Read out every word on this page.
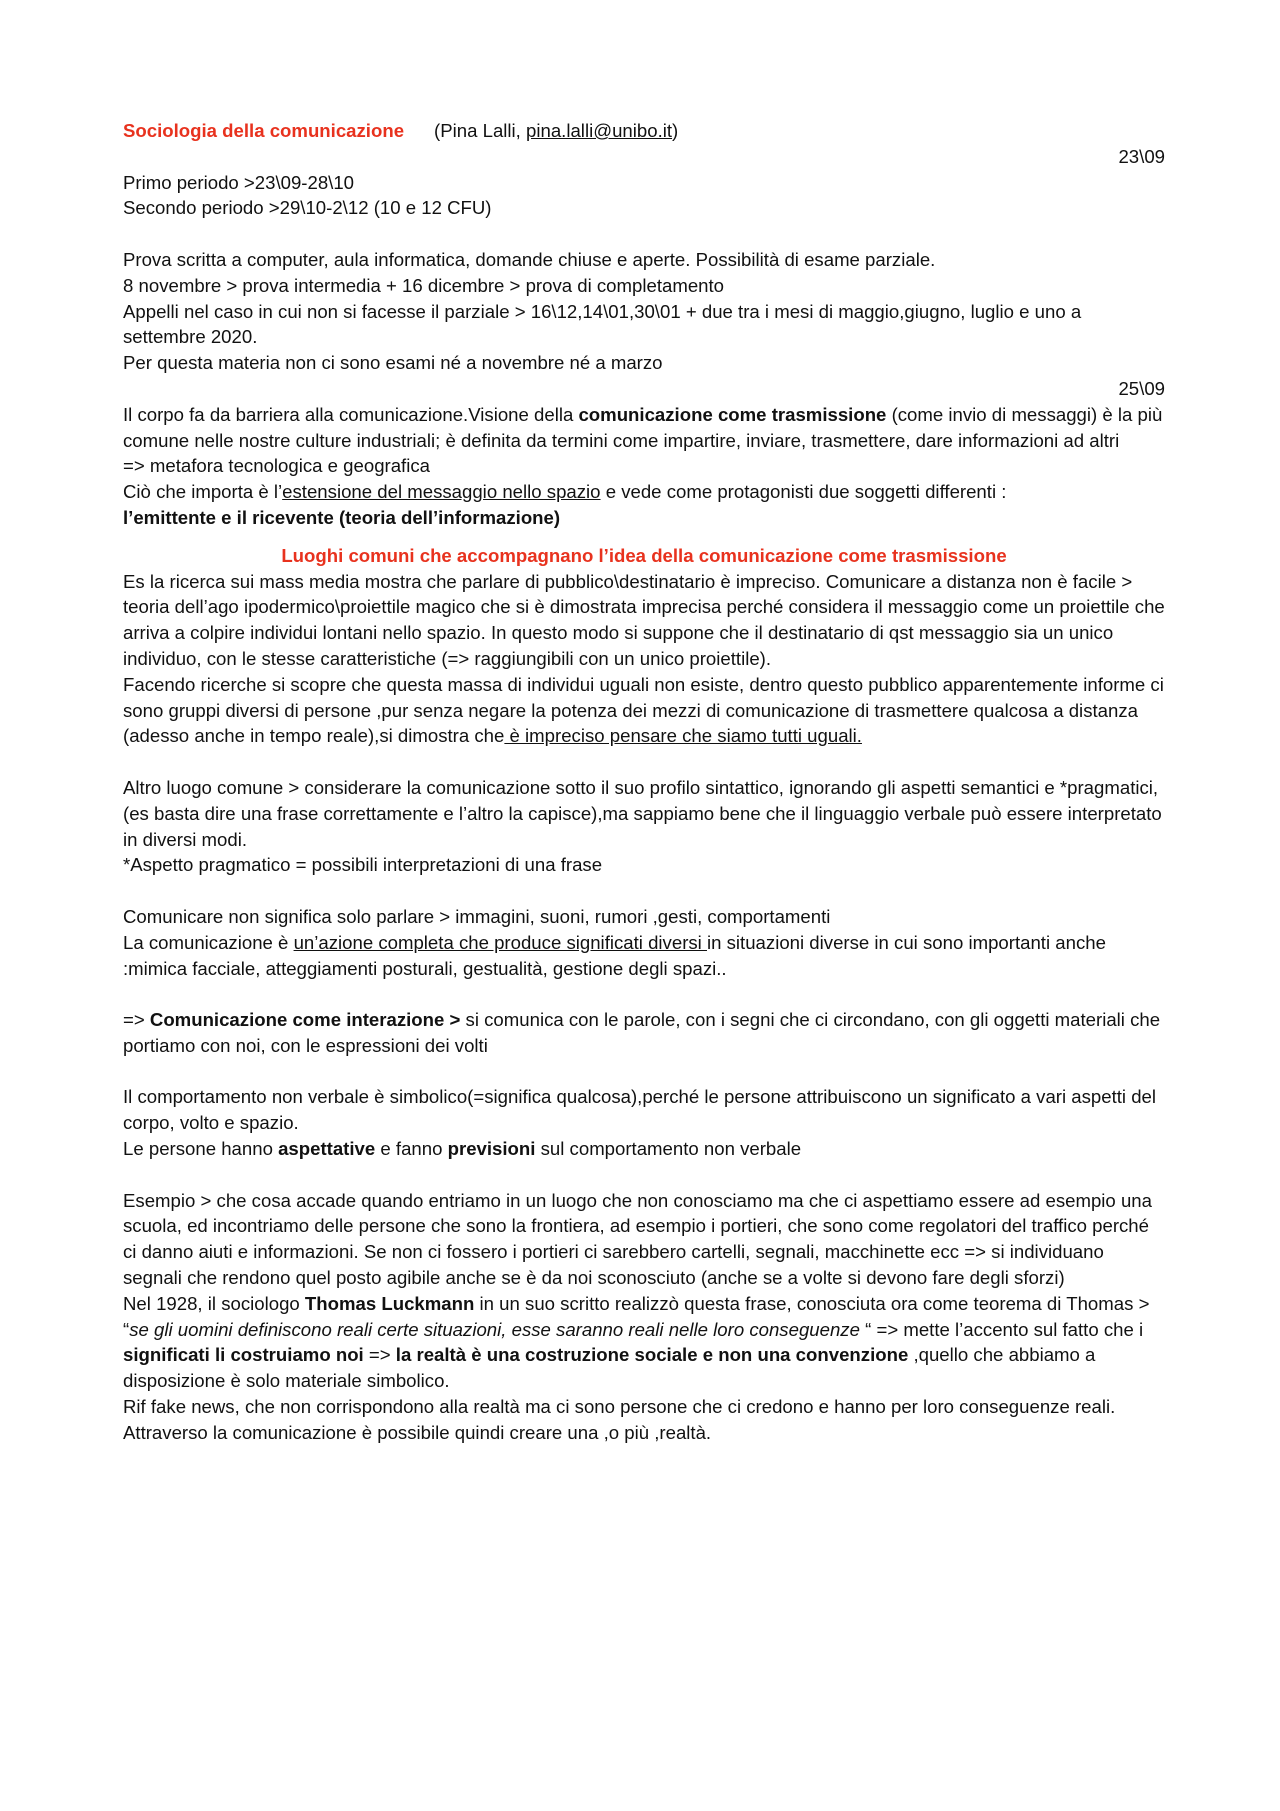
Sociologia della comunicazione (Pina Lalli, pina.lalli@unibo.it)

23\09

Primo periodo >23\09-28\10

Secondo periodo >29\10-2\12 (10 e 12 CFU)

Prova scritta a computer, aula informatica, domande chiuse e aperte. Possibilità di esame parziale.

8 novembre > prova intermedia + 16 dicembre > prova di completamento

Appelli nel caso in cui non si facesse il parziale > 16\12,14\01,30\01 + due tra i mesi di maggio,giugno, luglio e uno a settembre 2020.

Per questa materia non ci sono esami né a novembre né a marzo

25\09

Il corpo fa da barriera alla comunicazione.Visione della comunicazione come trasmissione (come invio di messaggi) è la più comune nelle nostre culture industriali; è definita da termini come impartire, inviare, trasmettere, dare informazioni ad altri

=> metafora tecnologica e geografica

Ciò che importa è l’estensione del messaggio nello spazio e vede come protagonisti due soggetti differenti :

l’emittente e il ricevente (teoria dell’informazione)

Luoghi comuni che accompagnano l’idea della comunicazione come trasmissione

Es la ricerca sui mass media mostra che parlare di pubblico\destinatario è impreciso. Comunicare a distanza non è facile > teoria dell’ago ipodermico\proiettile magico che si è dimostrata imprecisa perché considera il messaggio come un proiettile che arriva a colpire individui lontani nello spazio. In questo modo si suppone che il destinatario di qst messaggio sia un unico individuo, con le stesse caratteristiche (=> raggiungibili con un unico proiettile).

Facendo ricerche si scopre che questa massa di individui uguali non esiste, dentro questo pubblico apparentemente informe ci sono gruppi diversi di persone ,pur senza negare la potenza dei mezzi di comunicazione di trasmettere qualcosa a distanza (adesso anche in tempo reale),si dimostra che è impreciso pensare che siamo tutti uguali.

Altro luogo comune > considerare la comunicazione sotto il suo profilo sintattico, ignorando gli aspetti semantici e *pragmatici,(es basta dire una frase correttamente e l’altro la capisce),ma sappiamo bene che il linguaggio verbale può essere interpretato in diversi modi.

*Aspetto pragmatico = possibili interpretazioni di una frase

Comunicare non significa solo parlare > immagini, suoni, rumori ,gesti, comportamenti

La comunicazione è un’azione completa che produce significati diversi in situazioni diverse in cui sono importanti anche :mimica facciale, atteggiamenti posturali, gestualità, gestione degli spazi..

=> Comunicazione come interazione > si comunica con le parole, con i segni che ci circondano, con gli oggetti materiali che portiamo con noi, con le espressioni dei volti

Il comportamento non verbale è simbolico(=significa qualcosa),perché le persone attribuiscono un significato a vari aspetti del corpo, volto e spazio.

Le persone hanno aspettative e fanno previsioni sul comportamento non verbale

Esempio > che cosa accade quando entriamo in un luogo che non conosciamo ma che ci aspettiamo essere ad esempio una scuola, ed incontriamo delle persone che sono la frontiera, ad esempio i portieri, che sono come regolatori del traffico perché ci danno aiuti e informazioni. Se non ci fossero i portieri ci sarebbero cartelli, segnali, macchinette ecc => si individuano segnali che rendono quel posto agibile anche se è da noi sconosciuto (anche se a volte si devono fare degli sforzi)

Nel 1928, il sociologo Thomas Luckmann in un suo scritto realizzò questa frase, conosciuta ora come teorema di Thomas > “se gli uomini definiscono reali certe situazioni, esse saranno reali nelle loro conseguenze “ => mette l’accento sul fatto che i significati li costruiamo noi => la realtà è una costruzione sociale e non una convenzione ,quello che abbiamo a disposizione è solo materiale simbolico.

Rif fake news, che non corrispondono alla realtà ma ci sono persone che ci credono e hanno per loro conseguenze reali.

Attraverso la comunicazione è possibile quindi creare una ,o più ,realtà.
